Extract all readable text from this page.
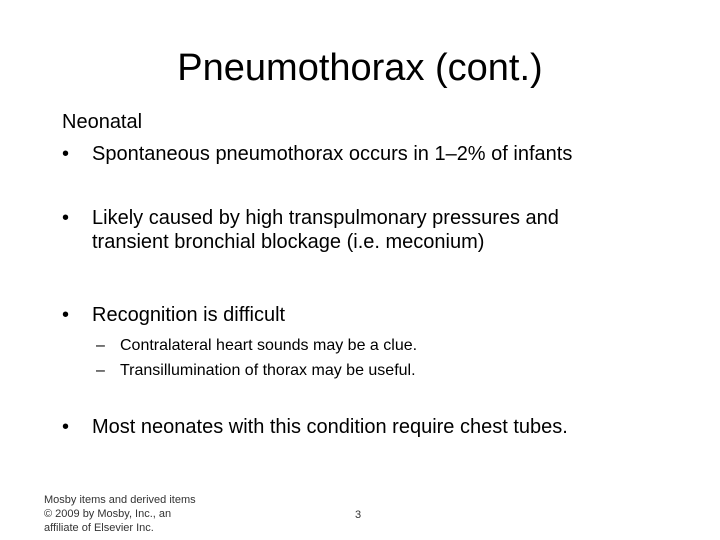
Pneumothorax (cont.)
Neonatal
• Spontaneous pneumothorax occurs in 1–2% of infants
• Likely caused by high transpulmonary pressures and
transient bronchial blockage (i.e. meconium)
• Recognition is difficult
– Contralateral heart sounds may be a clue.
– Transillumination of thorax may be useful.
• Most neonates with this condition require chest tubes.
Mosby items and derived items
© 2009 by Mosby, Inc., an
affiliate of Elsevier Inc.
3
